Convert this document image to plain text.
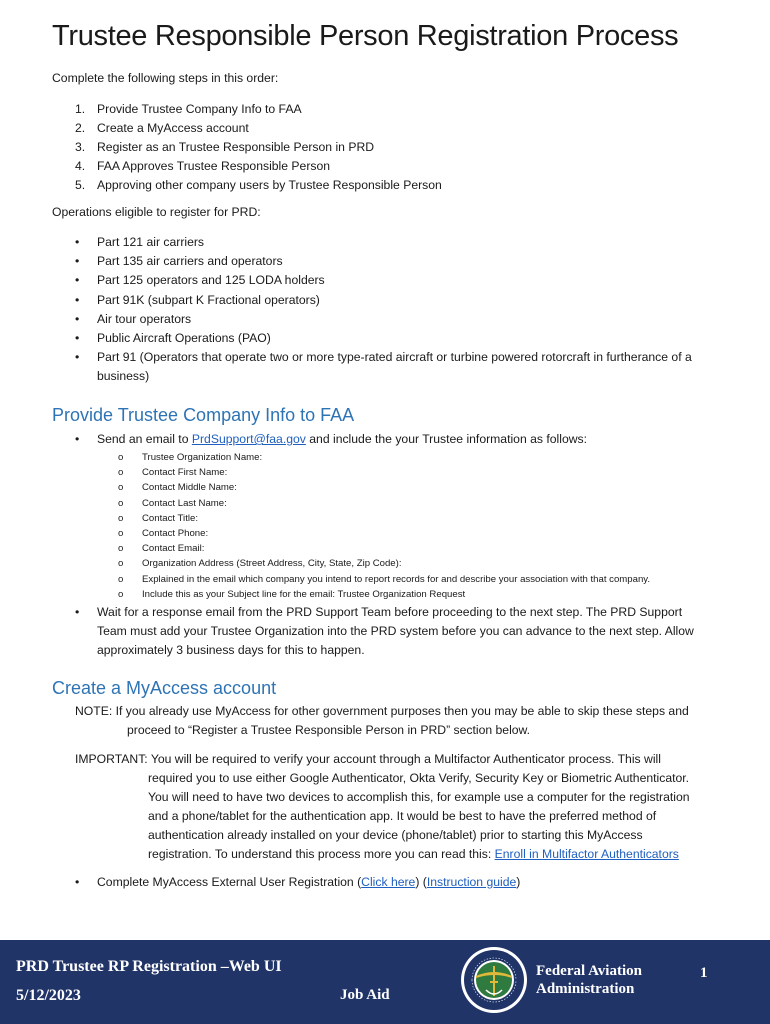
Trustee Responsible Person Registration Process
Complete the following steps in this order:
1. Provide Trustee Company Info to FAA
2. Create a MyAccess account
3. Register as an Trustee Responsible Person in PRD
4. FAA Approves Trustee Responsible Person
5. Approving other company users by Trustee Responsible Person
Operations eligible to register for PRD:
• Part 121 air carriers
• Part 135 air carriers and operators
• Part 125 operators and 125 LODA holders
• Part 91K (subpart K Fractional operators)
• Air tour operators
• Public Aircraft Operations (PAO)
• Part 91 (Operators that operate two or more type-rated aircraft or turbine powered rotorcraft in furtherance of a business)
Provide Trustee Company Info to FAA
• Send an email to PrdSupport@faa.gov and include the your Trustee information as follows:
o Trustee Organization Name:
o Contact First Name:
o Contact Middle Name:
o Contact Last Name:
o Contact Title:
o Contact Phone:
o Contact Email:
o Organization Address (Street Address, City, State, Zip Code):
o Explained in the email which company you intend to report records for and describe your association with that company.
o Include this as your Subject line for the email: Trustee Organization Request
• Wait for a response email from the PRD Support Team before proceeding to the next step. The PRD Support
Team must add your Trustee Organization into the PRD system before you can advance to the next step. Allow
approximately 3 business days for this to happen.
Create a MyAccess account
NOTE: If you already use MyAccess for other government purposes then you may be able to skip these steps and
proceed to “Register a Trustee Responsible Person in PRD” section below.
IMPORTANT: You will be required to verify your account through a Multifactor Authenticator process. This will
required you to use either Google Authenticator, Okta Verify, Security Key or Biometric Authenticator.
You will need to have two devices to accomplish this, for example use a computer for the registration
and a phone/tablet for the authentication app. It would be best to have the preferred method of
authentication already installed on your device (phone/tablet) prior to starting this MyAccess
registration. To understand this process more you can read this: Enroll in Multifactor Authenticators
• Complete MyAccess External User Registration (Click here) (Instruction guide)
PRD Trustee RP Registration –Web UI
5/12/2023	Job Aid
Federal Aviation
Administration
1
